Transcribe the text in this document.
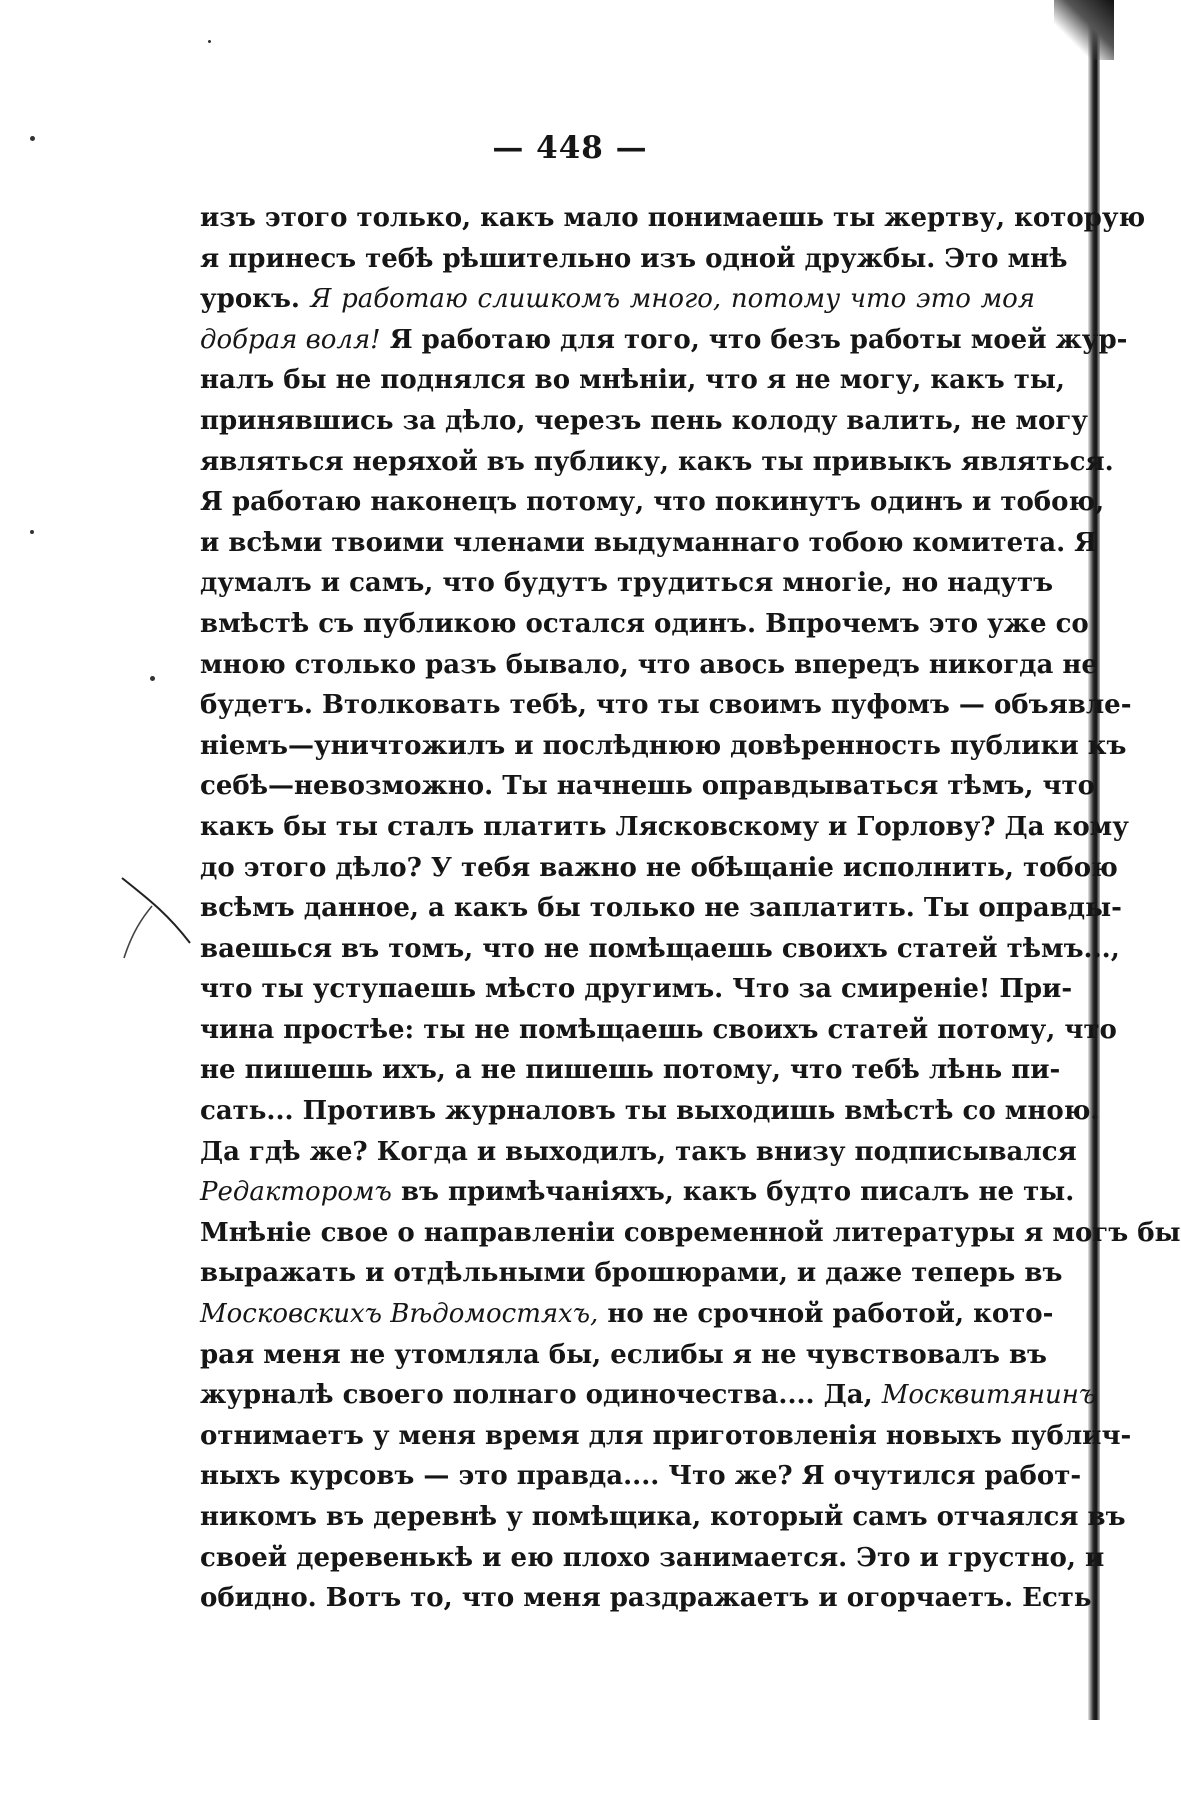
— 448 —
изъ этого только, какъ мало понимаешь ты жертву, которую
я принесъ тебѣ рѣшительно изъ одной дружбы. Это мнѣ
урокъ. Я работаю слишкомъ много, потому что это моя
добрая воля! Я работаю для того, что безъ работы моей жур-
налъ бы не поднялся во мнѣніи, что я не могу, какъ ты,
принявшись за дѣло, черезъ пень колоду валить, не могу
являться неряхой въ публику, какъ ты привыкъ являться.
Я работаю наконецъ потому, что покинутъ одинъ и тобою,
и всѣми твоими членами выдуманнаго тобою комитета. Я
думалъ и самъ, что будутъ трудиться многіе, но надутъ
вмѣстѣ съ публикою остался одинъ. Впрочемъ это уже со
мною столько разъ бывало, что авось впередъ никогда не
будетъ. Втолковать тебѣ, что ты своимъ пуфомъ — объявле-
ніемъ—уничтожилъ и послѣднюю довѣренность публики къ
себѣ—невозможно. Ты начнешь оправдываться тѣмъ, что
какъ бы ты сталъ платить Лясковскому и Горлову? Да кому
до этого дѣло? У тебя важно не обѣщаніе исполнить, тобою
всѣмъ данное, а какъ бы только не заплатить. Ты оправды-
ваешься въ томъ, что не помѣщаешь своихъ статей тѣмъ...,
что ты уступаешь мѣсто другимъ. Что за смиреніе! При-
чина простѣе: ты не помѣщаешь своихъ статей потому, что
не пишешь ихъ, а не пишешь потому, что тебѣ лѣнь пи-
сать... Противъ журналовъ ты выходишь вмѣстѣ со мною.
Да гдѣ же? Когда и выходилъ, такъ внизу подписывался
Редакторомъ въ примѣчаніяхъ, какъ будто писалъ не ты.
Мнѣніе свое о направленіи современной литературы я могъ бы
выражать и отдѣльными брошюрами, и даже теперь въ
Московскихъ Вѣдомостяхъ, но не срочной работой, кото-
рая меня не утомляла бы, еслибы я не чувствовалъ въ
журналѣ своего полнаго одиночества.... Да, Москвитянинъ
отнимаетъ у меня время для приготовленія новыхъ публич-
ныхъ курсовъ — это правда.... Что же? Я очутился работ-
никомъ въ деревнѣ у помѣщика, который самъ отчаялся въ
своей деревенькѣ и ею плохо занимается. Это и грустно, и
обидно. Вотъ то, что меня раздражаетъ и огорчаетъ. Есть
